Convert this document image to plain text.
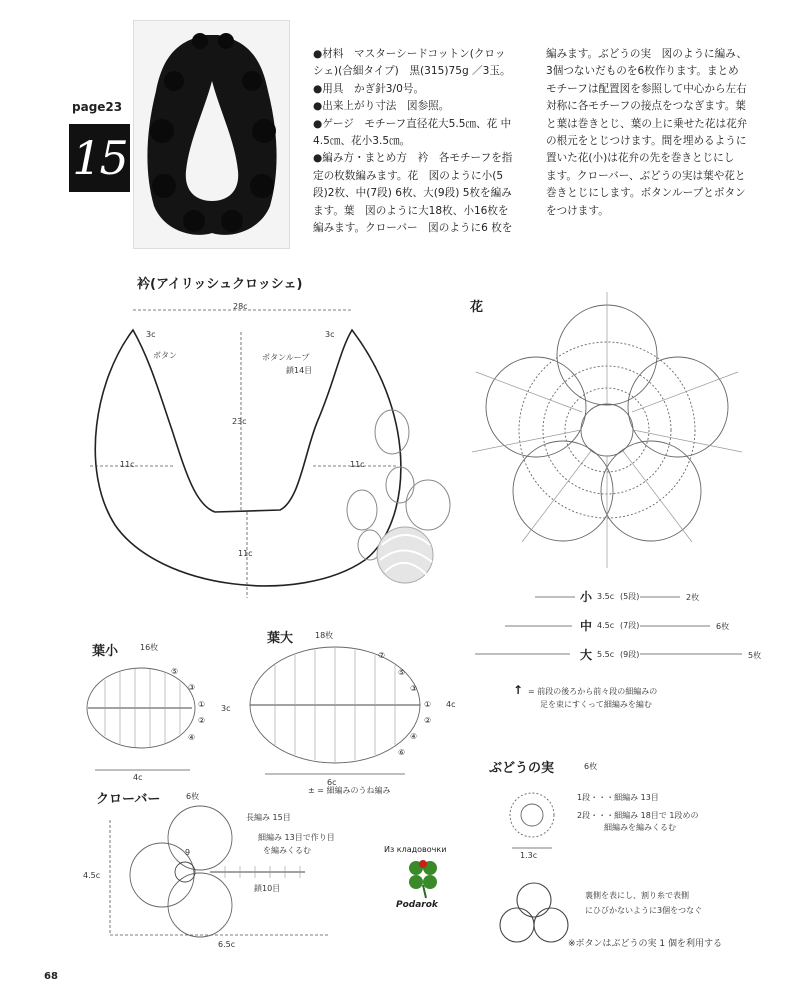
page23
15
●材料　マスターシードコットン(クロッ
シェ)(合細タイプ)　黒(315)75g ／3玉。
●用具　かぎ針3/0号。
●出来上がり寸法　図参照。
●ゲージ　モチーフ直径花大5.5㎝、花 中
4.5㎝、花小3.5㎝。
●編み方・まとめ方　衿　各モチーフを指
定の枚数編みます。花　図のように小(5
段)2枚、中(7段) 6枚、大(9段) 5枚を編み
ます。葉　図のように大18枚、小16枚を
編みます。クローバー　図のように6 枚を
編みます。ぶどうの実　図のように編み、
3個つないだものを6枚作ります。まとめ
モチーフは配置図を参照して中心から左右
対称に各モチーフの接点をつなぎます。葉
と葉は巻きとじ、葉の上に乗せた花は花弁
の根元をとじつけます。間を埋めるように
置いた花(小)は花弁の先を巻きとじにし
ます。クローバー、ぶどうの実は葉や花と
巻きとじにします。ボタンループとボタン
をつけます。
衿(アイリッシュクロッシェ)
28c
3c	3c
ボタン	ボタンループ
鎖14目
23c
11c	11c
11c
花
小 3.5c (5段)	2枚
中 4.5c (7段)	6枚
大 5.5c (9段)	5枚
↑ = 前段の後ろから前々段の細編みの
足を束にすくって細編みを編む
葉小	16枚
3c
4c
⑤
③
①
②
④
葉大	18枚
4c
6c
⑦
⑤
③
①
②
④
⑥
± = 細編みのうね編み
クローバー	6枚
長編み 15目
細編み 13目で作り目
を編みくるむ
鎖10目
9
4.5c
6.5c
Из кладовочки
Podarok
ぶどうの実	6枚
1段・・・細編み 13目
2段・・・細編み 18目で 1段めの
細編みを編みくるむ
1.3c
裏側を表にし、割り糸で表側
にひびかないように3個をつなぐ
※ボタンはぶどうの実 1 個を利用する
68
